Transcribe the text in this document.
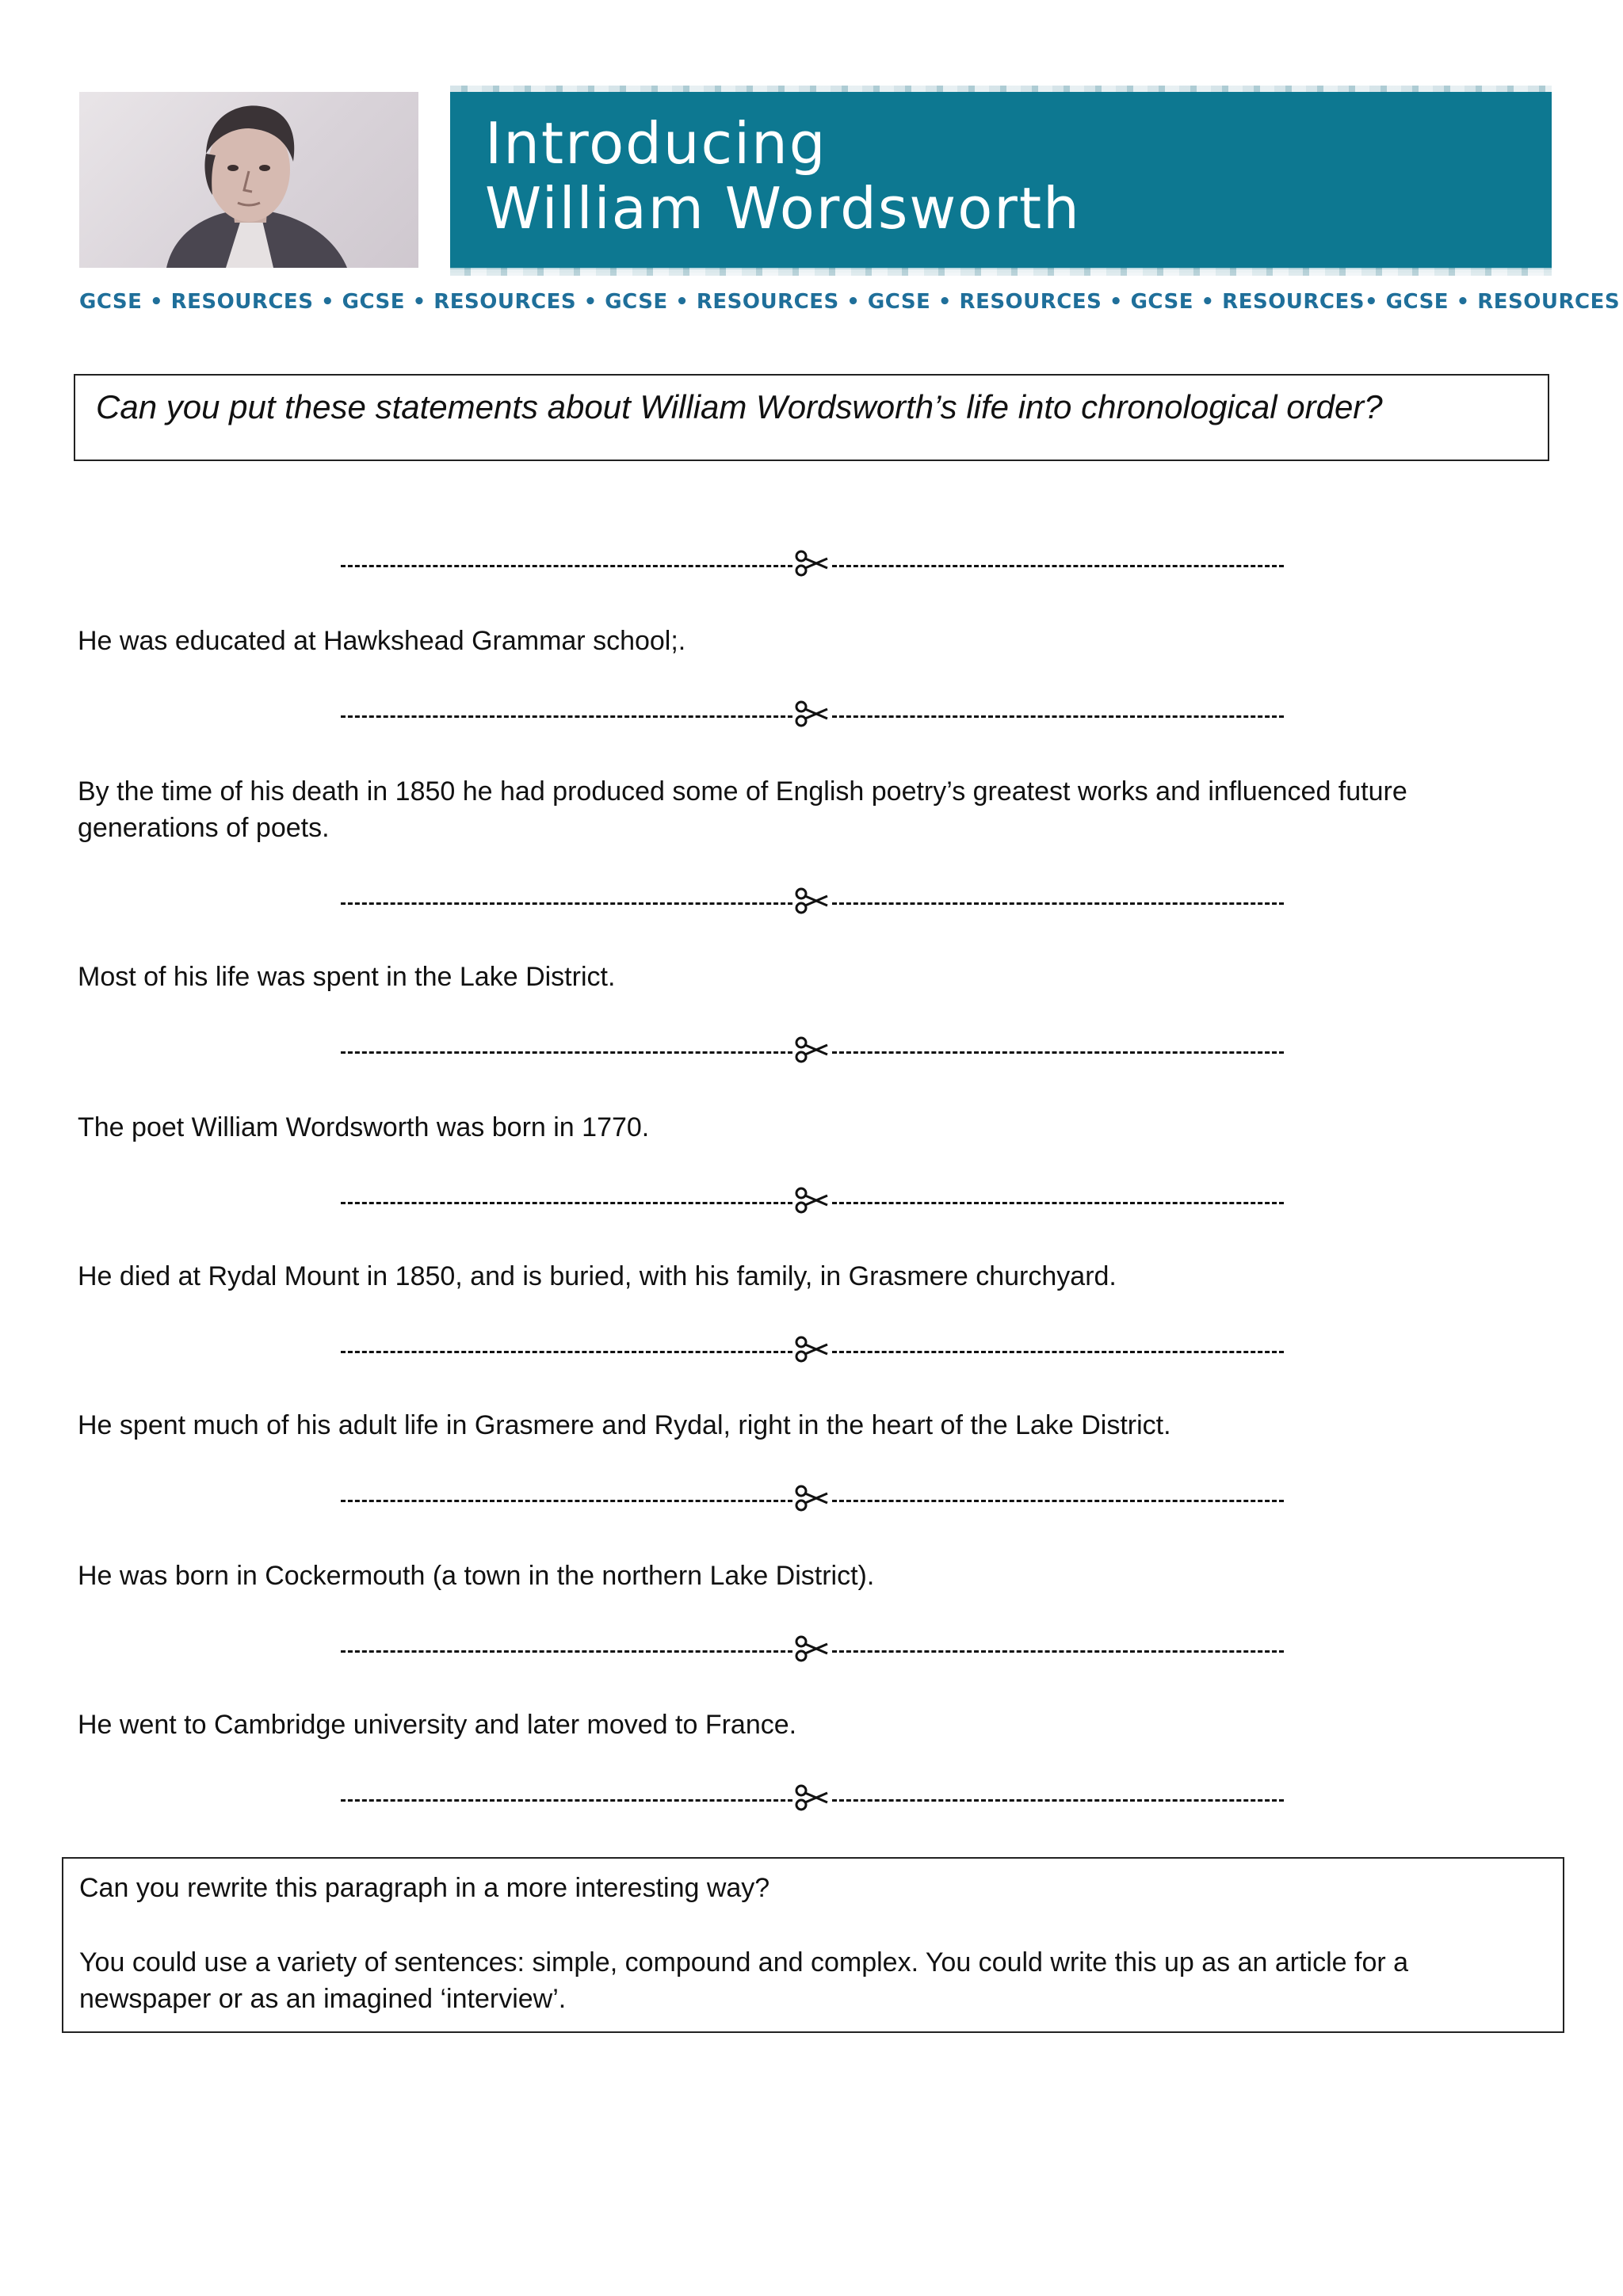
Introducing
William Wordsworth
GCSE • RESOURCES • GCSE • RESOURCES • GCSE • RESOURCES • GCSE • RESOURCES • GCSE • RESOURCES• GCSE • RESOURCES
Can you put these statements about William Wordsworth’s life into chronological order?

He was educated at Hawkshead Grammar school;.

By the time of his death in 1850 he had produced some of English poetry’s greatest works and influenced future generations of poets.

Most of his life was spent in the Lake District.

The poet William Wordsworth was born in 1770.

He died at Rydal Mount in 1850, and is buried, with his family, in Grasmere churchyard.

He spent much of his adult life in Grasmere and Rydal, right in the heart of the Lake District.

He was born in Cockermouth (a town in the northern Lake District).

He went to Cambridge university and later moved to France.

Can you rewrite this paragraph in a more interesting way?

You could use a variety of sentences: simple, compound and complex. You could write this up as an article for a newspaper or as an imagined ‘interview’.
